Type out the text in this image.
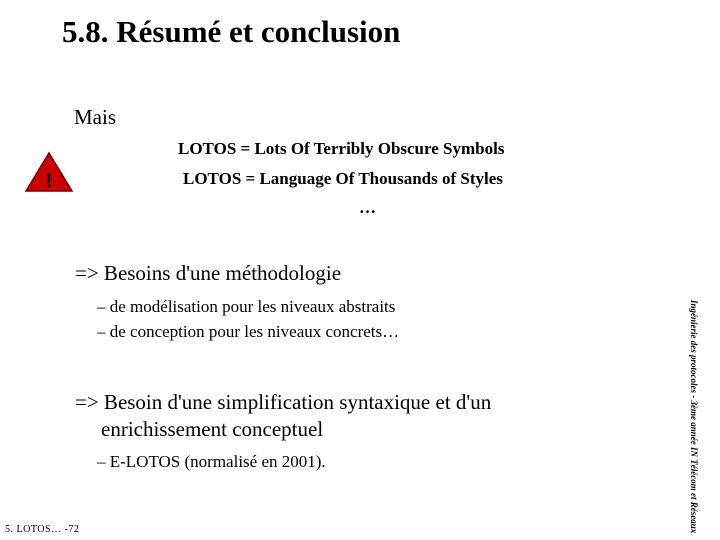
5.8. Résumé et conclusion
Mais
!
LOTOS = Lots Of Terribly Obscure Symbols
LOTOS = Language Of Thousands of Styles
…
=> Besoins d'une méthodologie
– de modélisation pour les niveaux abstraits
– de conception pour les niveaux concrets…
=> Besoin d'une simplification syntaxique et d'un
enrichissement conceptuel
– E-LOTOS (normalisé en 2001).
5. LOTOS… -72	Ingénierie des protocoles - 3ème année IN Télécom et Réseaux
